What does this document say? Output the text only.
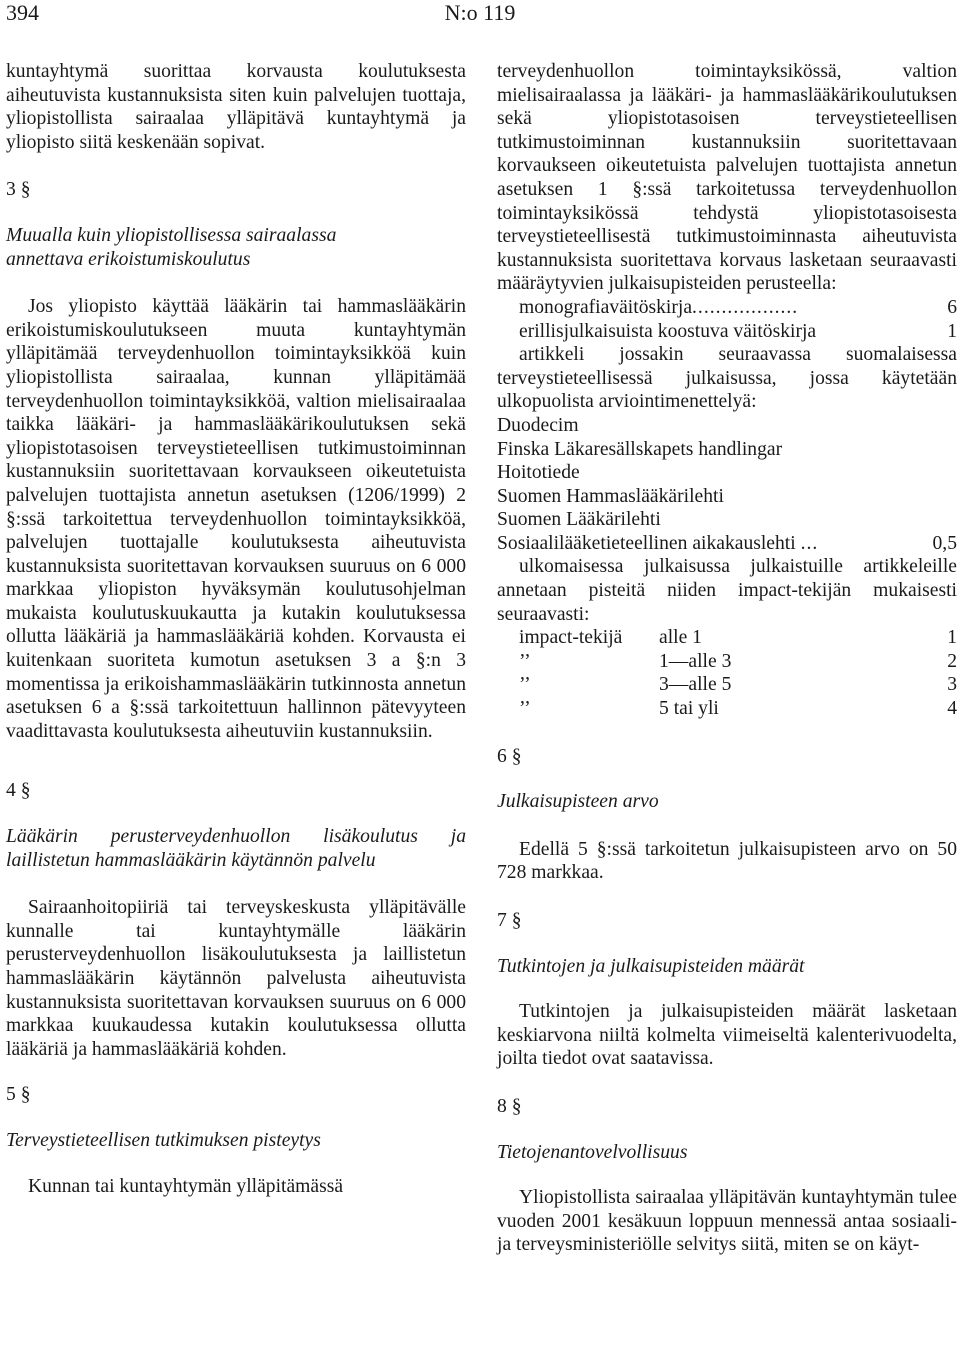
394	N:o 119

kuntayhtymä suorittaa korvausta koulutuksesta aiheutuvista kustannuksista siten kuin palvelujen tuottaja, yliopistollista sairaalaa ylläpitävä kuntayhtymä ja yliopisto siitä keskenään sopivat.

3 §

Muualla kuin yliopistollisessa sairaalassa

annettava erikoistumiskoulutus

Jos yliopisto käyttää lääkärin tai hammaslääkärin erikoistumiskoulutukseen muuta kuntayhtymän ylläpitämää terveydenhuollon toimintayksikköä kuin yliopistollista sairaalaa, kunnan ylläpitämää terveydenhuollon toimintayksikköä, valtion mielisairaalaa taikka lääkäri- ja hammaslääkärikoulutuksen sekä yliopistotasoisen terveystieteellisen tutkimustoiminnan kustannuksiin suoritettavaan korvaukseen oikeutetuista palvelujen tuottajista annetun asetuksen (1206/1999) 2 §:ssä tarkoitettua terveydenhuollon toimintayksikköä, palvelujen tuottajalle koulutuksesta aiheutuvista kustannuksista suoritettavan korvauksen suuruus on 6 000 markkaa yliopiston hyväksymän koulutusohjelman mukaista koulutuskuukautta ja kutakin koulutuksessa ollutta lääkäriä ja hammaslääkäriä kohden. Korvausta ei kuitenkaan suoriteta kumotun asetuksen 3 a §:n 3 momentissa ja erikoishammaslääkärin tutkinnosta annetun asetuksen 6 a §:ssä tarkoitettuun hallinnon pätevyyteen vaadittavasta koulutuksesta aiheutuviin kustannuksiin.

4 §

Lääkärin perusterveydenhuollon lisäkoulutus ja laillistetun hammaslääkärin käytännön palvelu

Sairaanhoitopiiriä tai terveyskeskusta ylläpitävälle kunnalle tai kuntayhtymälle lääkärin perusterveydenhuollon lisäkoulutuksesta ja laillistetun hammaslääkärin käytännön palvelusta aiheutuvista kustannuksista suoritettavan korvauksen suuruus on 6 000 markkaa kuukaudessa kutakin koulutuksessa ollutta lääkäriä ja hammaslääkäriä kohden.

5 §

Terveystieteellisen tutkimuksen pisteytys

Kunnan tai kuntayhtymän ylläpitämässä

terveydenhuollon toimintayksikössä, valtion mielisairaalassa ja lääkäri- ja hammaslääkärikoulutuksen sekä yliopistotasoisen terveystieteellisen tutkimustoiminnan kustannuksiin suoritettavaan korvaukseen oikeutetuista palvelujen tuottajista annetun asetuksen 1 §:ssä tarkoitetussa terveydenhuollon toimintayksikössä tehdystä yliopistotasoisesta terveystieteellisestä tutkimustoiminnasta aiheutuvista kustannuksista suoritettava korvaus lasketaan seuraavasti määräytyvien julkaisupisteiden perusteella:

monografiaväitöskirja..................	6
erillisjulkaisuista koostuva väitöskirja	1

artikkeli jossakin seuraavassa suomalaisessa terveystieteellisessä julkaisussa, jossa käytetään ulkopuolista arviointimenettelyä:

Duodecim

Finska Läkaresällskapets handlingar

Hoitotiede

Suomen Hammaslääkärilehti

Suomen Lääkärilehti

Sosiaalilääketieteellinen aikakauslehti ...	0,5

ulkomaisessa julkaisussa julkaistuille artikkeleille annetaan pisteitä niiden impact-tekijän mukaisesti seuraavasti:

impact-tekijä	alle 1	1
’’	1—alle 3	2
’’	3—alle 5	3
’’	5 tai yli	4

6 §

Julkaisupisteen arvo

Edellä 5 §:ssä tarkoitetun julkaisupisteen arvo on 50 728 markkaa.

7 §

Tutkintojen ja julkaisupisteiden määrät

Tutkintojen ja julkaisupisteiden määrät lasketaan keskiarvona niiltä kolmelta viimeiseltä kalenterivuodelta, joilta tiedot ovat saatavissa.

8 §

Tietojenantovelvollisuus

Yliopistollista sairaalaa ylläpitävän kuntayhtymän tulee vuoden 2001 kesäkuun loppuun mennessä antaa sosiaali- ja terveysministeriölle selvitys siitä, miten se on käyt-
